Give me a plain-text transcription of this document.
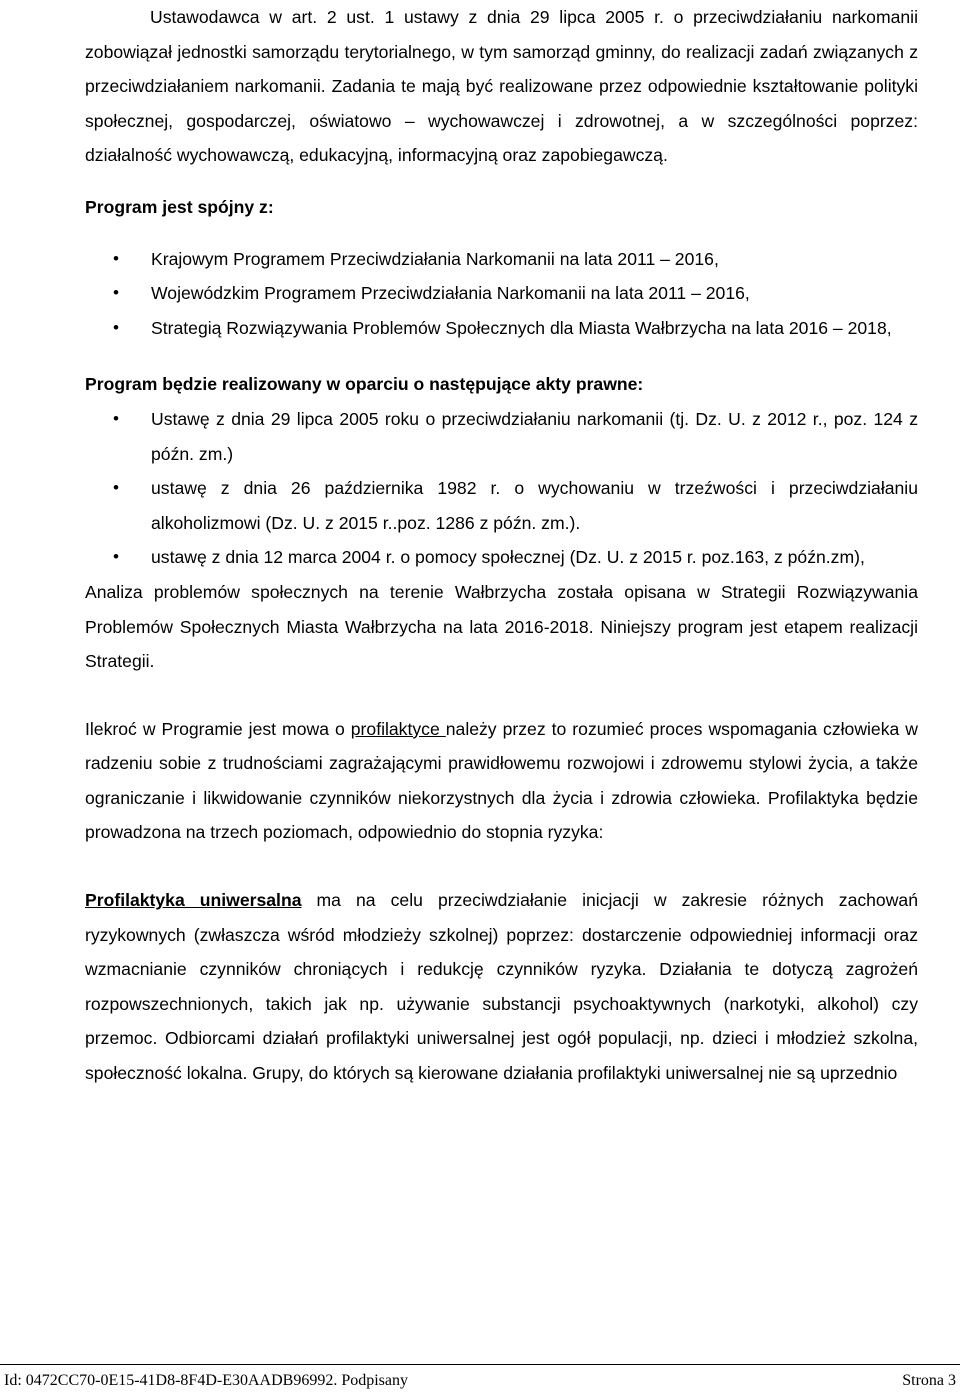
Ustawodawca w art. 2 ust. 1 ustawy z dnia 29 lipca 2005 r. o przeciwdziałaniu narkomanii zobowiązał jednostki samorządu terytorialnego, w tym samorząd gminny, do realizacji zadań związanych z przeciwdziałaniem narkomanii. Zadania te mają być realizowane przez odpowiednie kształtowanie polityki społecznej, gospodarczej, oświatowo – wychowawczej i zdrowotnej, a w szczególności poprzez: działalność wychowawczą, edukacyjną, informacyjną oraz zapobiegawczą.

Program jest spójny z:

• Krajowym Programem Przeciwdziałania Narkomanii na lata 2011 – 2016,
• Wojewódzkim Programem Przeciwdziałania Narkomanii na lata 2011 – 2016,
• Strategią Rozwiązywania Problemów Społecznych dla Miasta Wałbrzycha na lata 2016 – 2018,

Program będzie realizowany w oparciu o następujące akty prawne:

• Ustawę z dnia 29 lipca 2005 roku o przeciwdziałaniu narkomanii (tj. Dz. U. z 2012 r., poz. 124 z późn. zm.)
• ustawę z dnia 26 października 1982 r. o wychowaniu w trzeźwości i przeciwdziałaniu alkoholizmowi (Dz. U. z 2015 r..poz. 1286 z późn. zm.).
• ustawę z dnia 12 marca 2004 r. o pomocy społecznej (Dz. U. z 2015 r. poz.163, z późn.zm),

Analiza problemów społecznych na terenie Wałbrzycha została opisana w Strategii Rozwiązywania Problemów Społecznych Miasta Wałbrzycha na lata 2016-2018. Niniejszy program jest etapem realizacji Strategii.

Ilekroć w Programie jest mowa o profilaktyce należy przez to rozumieć proces wspomagania człowieka w radzeniu sobie z trudnościami zagrażającymi prawidłowemu rozwojowi i zdrowemu stylowi życia, a także ograniczanie i likwidowanie czynników niekorzystnych dla życia i zdrowia człowieka. Profilaktyka będzie prowadzona na trzech poziomach, odpowiednio do stopnia ryzyka:

Profilaktyka uniwersalna ma na celu przeciwdziałanie inicjacji w zakresie różnych zachowań ryzykownych (zwłaszcza wśród młodzieży szkolnej) poprzez: dostarczenie odpowiedniej informacji oraz wzmacnianie czynników chroniących i redukcję czynników ryzyka. Działania te dotyczą zagrożeń rozpowszechnionych, takich jak np. używanie substancji psychoaktywnych (narkotyki, alkohol) czy przemoc. Odbiorcami działań profilaktyki uniwersalnej jest ogół populacji, np. dzieci i młodzież szkolna, społeczność lokalna. Grupy, do których są kierowane działania profilaktyki uniwersalnej nie są uprzednio

Id: 0472CC70-0E15-41D8-8F4D-E30AADB96992. Podpisany	Strona 3
